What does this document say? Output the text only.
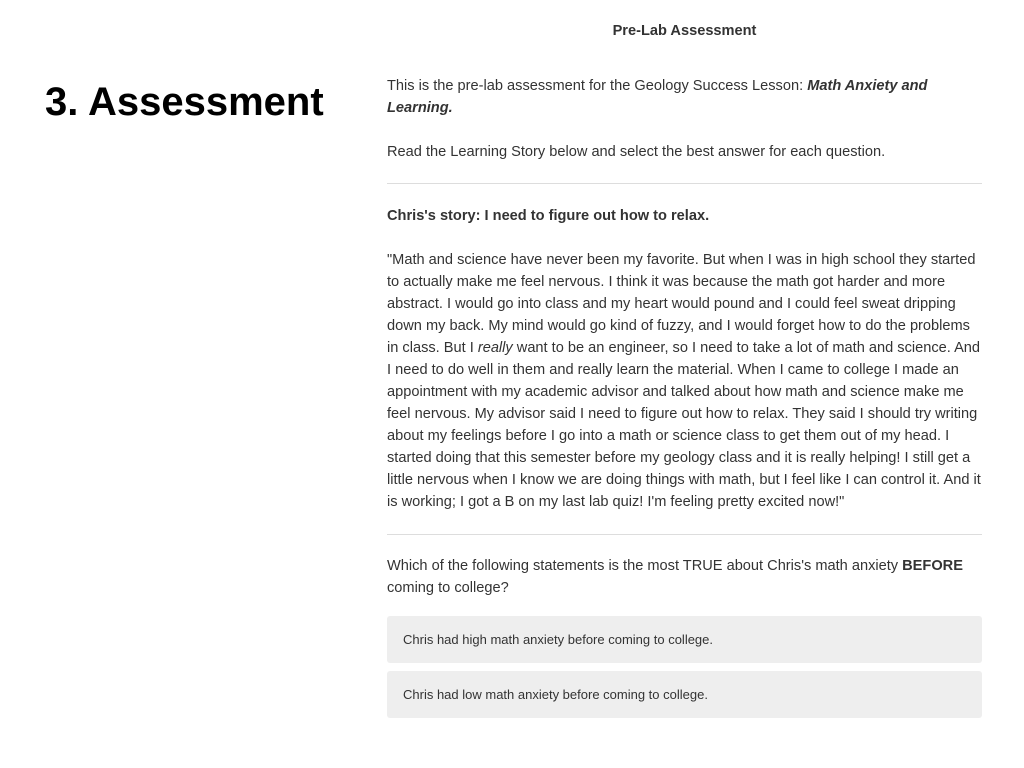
3. Assessment

Pre-Lab Assessment

This is the pre-lab assessment for the Geology Success Lesson: Math Anxiety and Learning.

Read the Learning Story below and select the best answer for each question.

Chris's story: I need to figure out how to relax.

"Math and science have never been my favorite. But when I was in high school they started to actually make me feel nervous. I think it was because the math got harder and more abstract. I would go into class and my heart would pound and I could feel sweat dripping down my back. My mind would go kind of fuzzy, and I would forget how to do the problems in class. But I really want to be an engineer, so I need to take a lot of math and science. And I need to do well in them and really learn the material. When I came to college I made an appointment with my academic advisor and talked about how math and science make me feel nervous. My advisor said I need to figure out how to relax. They said I should try writing about my feelings before I go into a math or science class to get them out of my head. I started doing that this semester before my geology class and it is really helping! I still get a little nervous when I know we are doing things with math, but I feel like I can control it. And it is working; I got a B on my last lab quiz! I'm feeling pretty excited now!"

Which of the following statements is the most TRUE about Chris's math anxiety BEFORE coming to college?

Chris had high math anxiety before coming to college.
Chris had low math anxiety before coming to college.
